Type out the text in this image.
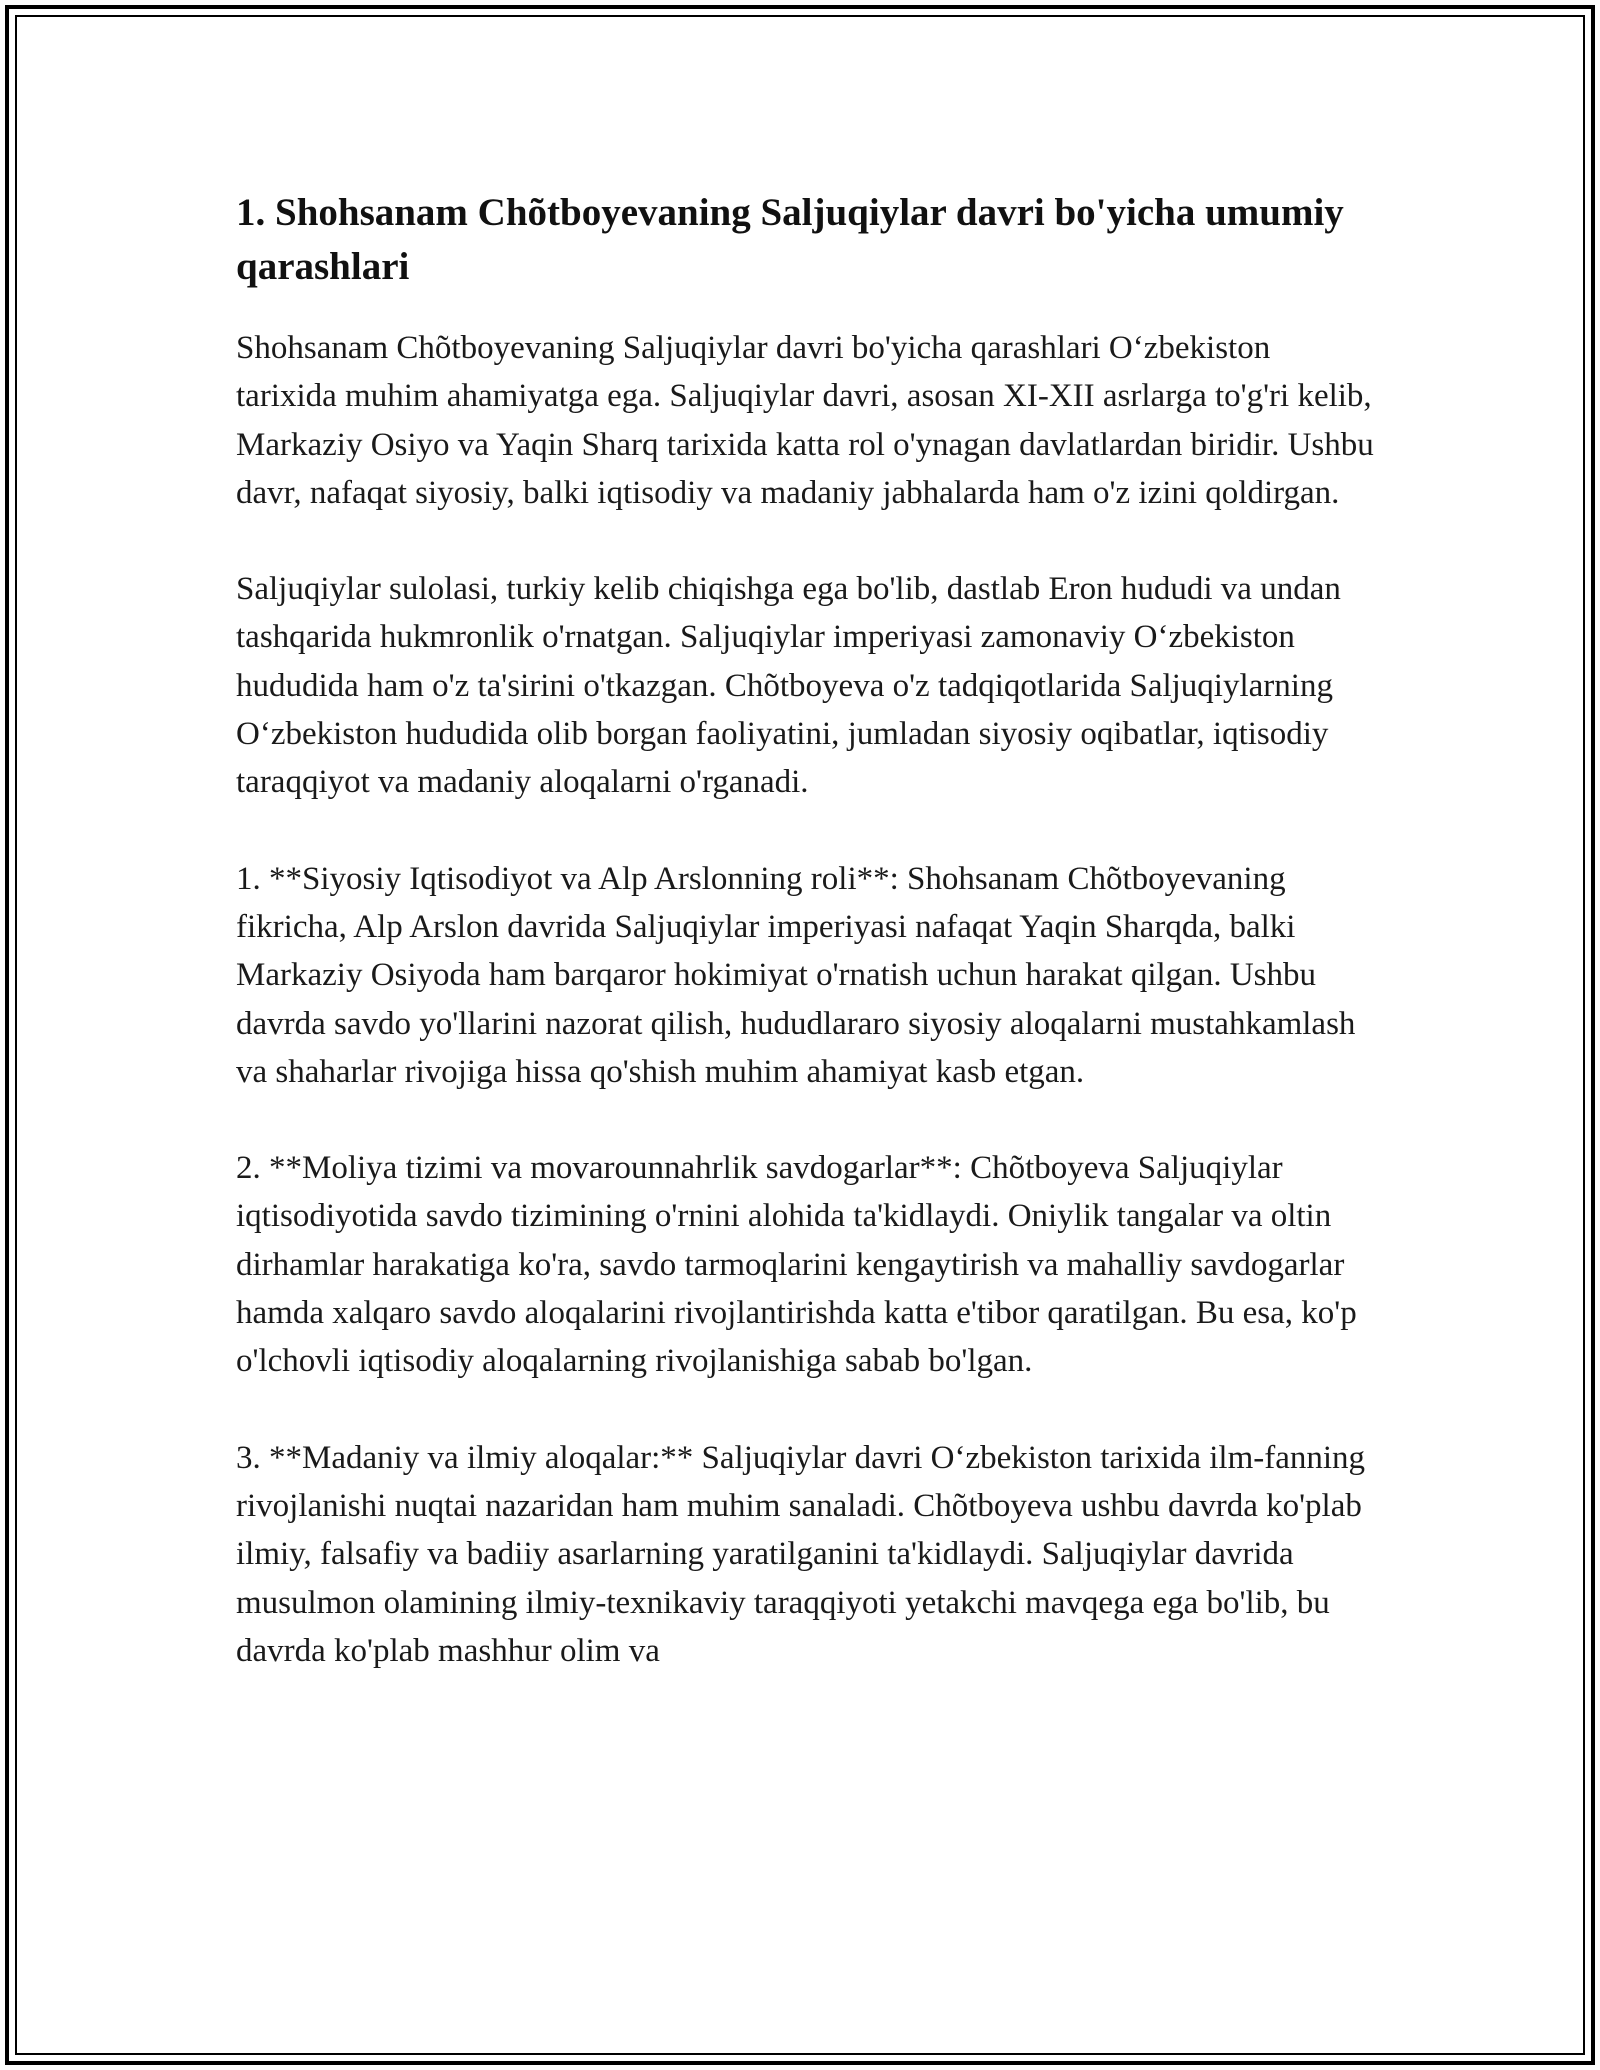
1. Shohsanam Chõtboyevaning Saljuqiylar davri bo'yicha umumiy qarashlari

Shohsanam Chõtboyevaning Saljuqiylar davri bo'yicha qarashlari O‘zbekiston tarixida muhim ahamiyatga ega. Saljuqiylar davri, asosan XI-XII asrlarga to'g'ri kelib, Markaziy Osiyo va Yaqin Sharq tarixida katta rol o'ynagan davlatlardan biridir. Ushbu davr, nafaqat siyosiy, balki iqtisodiy va madaniy jabhalarda ham o'z izini qoldirgan.

Saljuqiylar sulolasi, turkiy kelib chiqishga ega bo'lib, dastlab Eron hududi va undan tashqarida hukmronlik o'rnatgan. Saljuqiylar imperiyasi zamonaviy O‘zbekiston hududida ham o'z ta'sirini o'tkazgan. Chõtboyeva o'z tadqiqotlarida Saljuqiylarning O‘zbekiston hududida olib borgan faoliyatini, jumladan siyosiy oqibatlar, iqtisodiy taraqqiyot va madaniy aloqalarni o'rganadi.

1. **Siyosiy Iqtisodiyot va Alp Arslonning roli**: Shohsanam Chõtboyevaning fikricha, Alp Arslon davrida Saljuqiylar imperiyasi nafaqat Yaqin Sharqda, balki Markaziy Osiyoda ham barqaror hokimiyat o'rnatish uchun harakat qilgan. Ushbu davrda savdo yo'llarini nazorat qilish, hududlararo siyosiy aloqalarni mustahkamlash va shaharlar rivojiga hissa qo'shish muhim ahamiyat kasb etgan.

2. **Moliya tizimi va movarounnahrlik savdogarlar**: Chõtboyeva Saljuqiylar iqtisodiyotida savdo tizimining o'rnini alohida ta'kidlaydi. Oniylik tangalar va oltin dirhamlar harakatiga ko'ra, savdo tarmoqlarini kengaytirish va mahalliy savdogarlar hamda xalqaro savdo aloqalarini rivojlantirishda katta e'tibor qaratilgan. Bu esa, ko'p o'lchovli iqtisodiy aloqalarning rivojlanishiga sabab bo'lgan.

3. **Madaniy va ilmiy aloqalar:** Saljuqiylar davri O‘zbekiston tarixida ilm-fanning rivojlanishi nuqtai nazaridan ham muhim sanaladi. Chõtboyeva ushbu davrda ko'plab ilmiy, falsafiy va badiiy asarlarning yaratilganini ta'kidlaydi. Saljuqiylar davrida musulmon olamining ilmiy-texnikaviy taraqqiyoti yetakchi mavqega ega bo'lib, bu davrda ko'plab mashhur olim va
